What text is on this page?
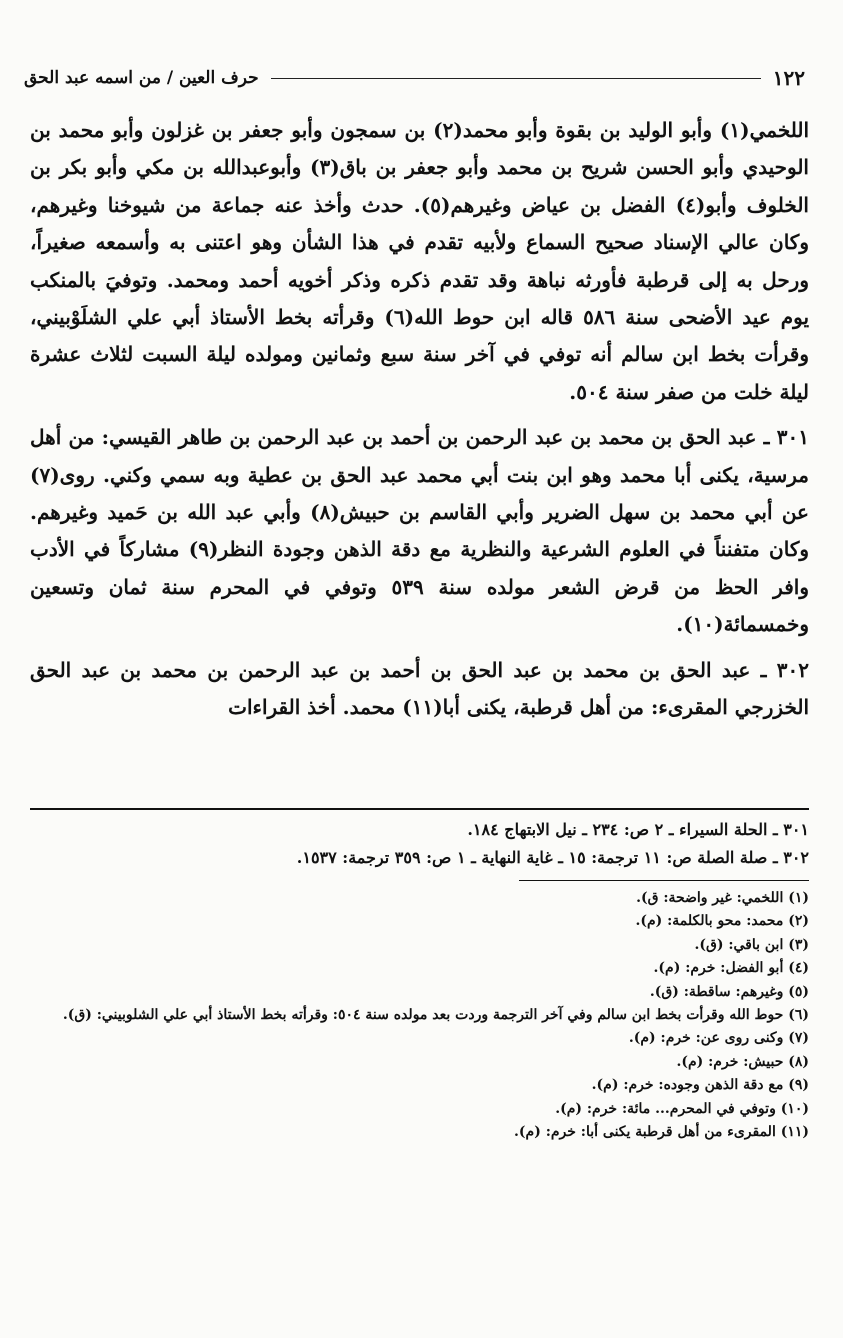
١٢٢
حرف العين / من اسمه عبد الحق

اللخمي(١) وأبو الوليد بن بقوة وأبو محمد(٢) بن سمجون وأبو جعفر بن غزلون وأبو محمد بن الوحيدي وأبو الحسن شريح بن محمد وأبو جعفر بن باق(٣) وأبوعبدالله بن مكي وأبو بكر بن الخلوف وأبو(٤) الفضل بن عياض وغيرهم(٥). حدث وأخذ عنه جماعة من شيوخنا وغيرهم، وكان عالي الإسناد صحيح السماع ولأبيه تقدم في هذا الشأن وهو اعتنى به وأسمعه صغيراً، ورحل به إلى قرطبة فأورثه نباهة وقد تقدم ذكره وذكر أخويه أحمد ومحمد. وتوفيَ بالمنكب يوم عيد الأضحى سنة ٥٨٦ قاله ابن حوط الله(٦) وقرأته بخط الأستاذ أبي علي الشلَوْبيني، وقرأت بخط ابن سالم أنه توفي في آخر سنة سبع وثمانين ومولده ليلة السبت لثلاث عشرة ليلة خلت من صفر سنة ٥٠٤.

٣٠١ ـ عبد الحق بن محمد بن عبد الرحمن بن أحمد بن عبد الرحمن بن طاهر القيسي: من أهل مرسية، يكنى أبا محمد وهو ابن بنت أبي محمد عبد الحق بن عطية وبه سمي وكني. روى(٧) عن أبي محمد بن سهل الضرير وأبي القاسم بن حبيش(٨) وأبي عبد الله بن حَميد وغيرهم. وكان متفنناً في العلوم الشرعية والنظرية مع دقة الذهن وجودة النظر(٩) مشاركاً في الأدب وافر الحظ من قرض الشعر مولده سنة ٥٣٩ وتوفي في المحرم سنة ثمان وتسعين وخمسمائة(١٠).

٣٠٢ ـ عبد الحق بن محمد بن عبد الحق بن أحمد بن عبد الرحمن بن محمد بن عبد الحق الخزرجي المقرىء: من أهل قرطبة، يكنى أبا(١١) محمد. أخذ القراءات

٣٠١ ـ الحلة السيراء ـ ٢ ص: ٢٣٤ ـ نيل الابتهاج ١٨٤.
٣٠٢ ـ صلة الصلة ص: ١١ ترجمة: ١٥ ـ غاية النهاية ـ ١ ص: ٣٥٩ ترجمة: ١٥٣٧.
(١) اللخمي: غير واضحة: ق).
(٢) محمد: محو بالكلمة: (م).
(٣) ابن باقي: (ق).
(٤) أبو الفضل: خرم: (م).
(٥) وغيرهم: ساقطة: (ق).
(٦) حوط الله وقرأت بخط ابن سالم وفي آخر الترجمة وردت بعد مولده سنة ٥٠٤: وقرأته بخط الأستاذ أبي علي الشلوبيني: (ق).
(٧) وكنى روى عن: خرم: (م).
(٨) حبيش: خرم: (م).
(٩) مع دقة الذهن وجوده: خرم: (م).
(١٠) وتوفي في المحرم... مائة: خرم: (م).
(١١) المقرىء من أهل قرطبة يكنى أبا: خرم: (م).
